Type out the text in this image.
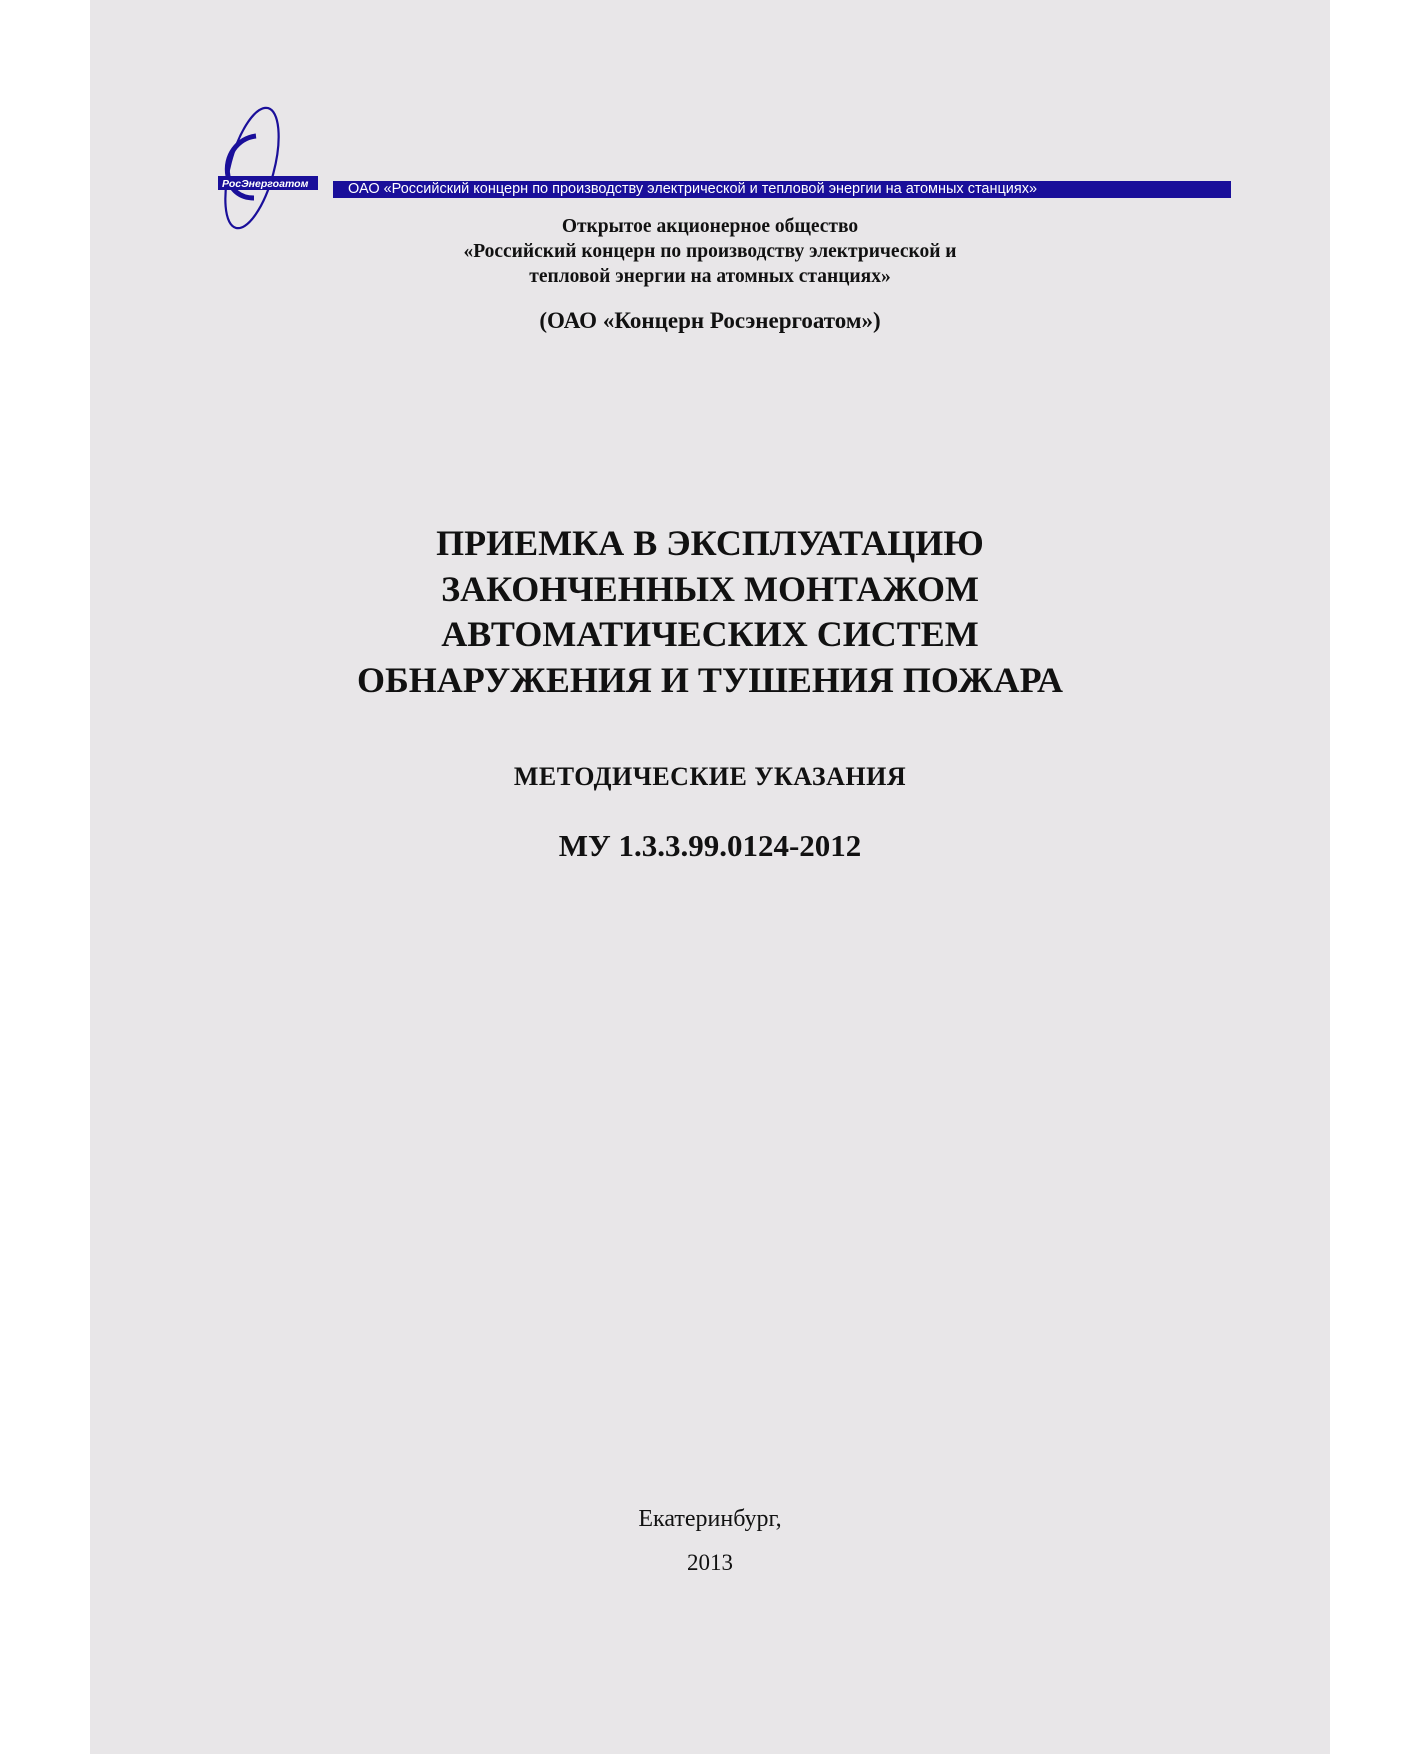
РосЭнергоатом	ОАО «Российский концерн по производству электрической и тепловой энергии на атомных станциях»
Открытое акционерное общество
«Российский концерн по производству электрической и
тепловой энергии на атомных станциях»
(ОАО «Концерн Росэнергоатом»)
ПРИЕМКА В ЭКСПЛУАТАЦИЮ
ЗАКОНЧЕННЫХ МОНТАЖОМ
АВТОМАТИЧЕСКИХ СИСТЕМ
ОБНАРУЖЕНИЯ И ТУШЕНИЯ ПОЖАРА
МЕТОДИЧЕСКИЕ УКАЗАНИЯ
МУ 1.3.3.99.0124-2012
Екатеринбург,
2013
